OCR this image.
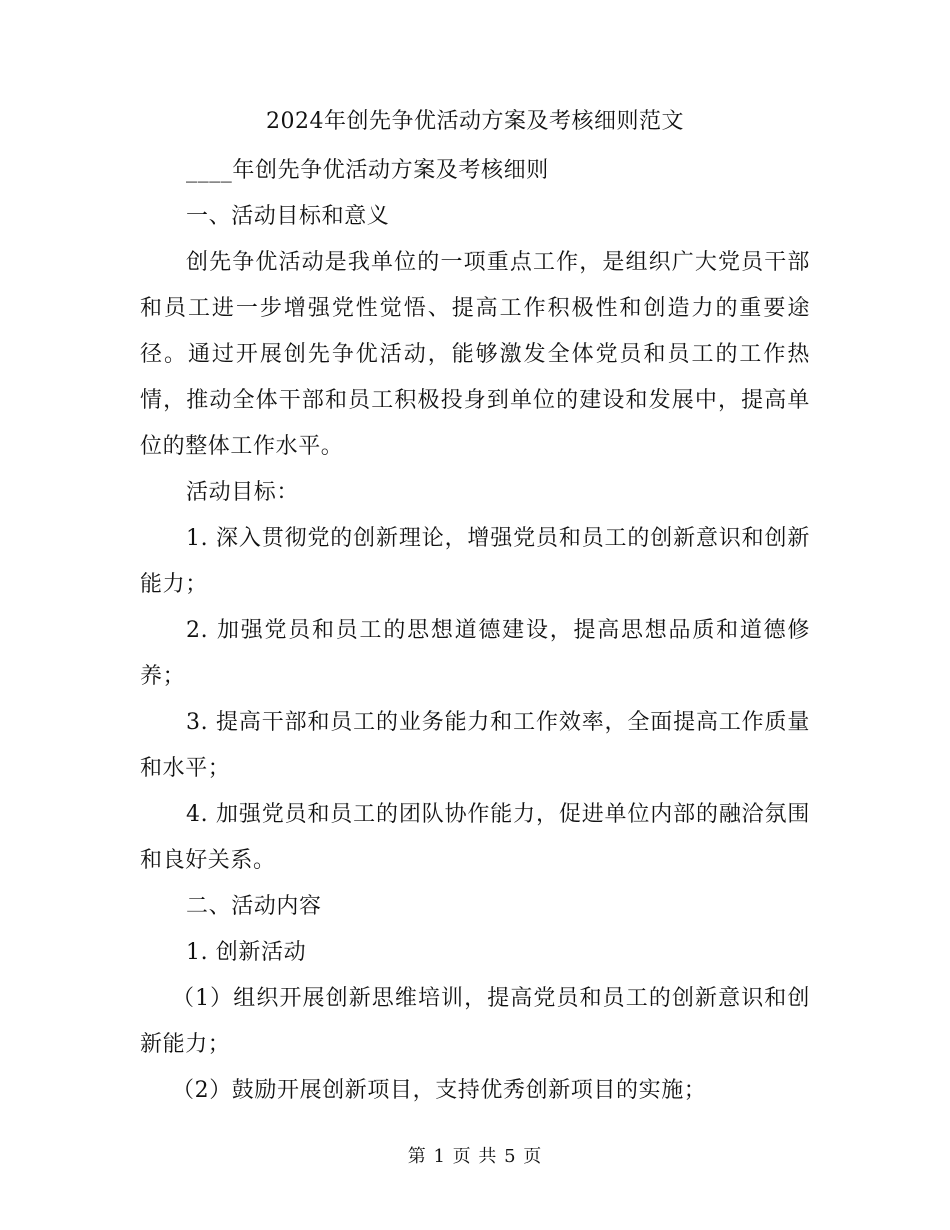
2024年创先争优活动方案及考核细则范文

____年创先争优活动方案及考核细则

一、活动目标和意义

创先争优活动是我单位的一项重点工作，是组织广大党员干部和员工进一步增强党性觉悟、提高工作积极性和创造力的重要途径。通过开展创先争优活动，能够激发全体党员和员工的工作热情，推动全体干部和员工积极投身到单位的建设和发展中，提高单位的整体工作水平。

活动目标：

1. 深入贯彻党的创新理论，增强党员和员工的创新意识和创新能力；

2. 加强党员和员工的思想道德建设，提高思想品质和道德修养；

3. 提高干部和员工的业务能力和工作效率，全面提高工作质量和水平；

4. 加强党员和员工的团队协作能力，促进单位内部的融洽氛围和良好关系。

二、活动内容

1. 创新活动

（1）组织开展创新思维培训，提高党员和员工的创新意识和创新能力；

（2）鼓励开展创新项目，支持优秀创新项目的实施；

第 1 页 共 5 页
